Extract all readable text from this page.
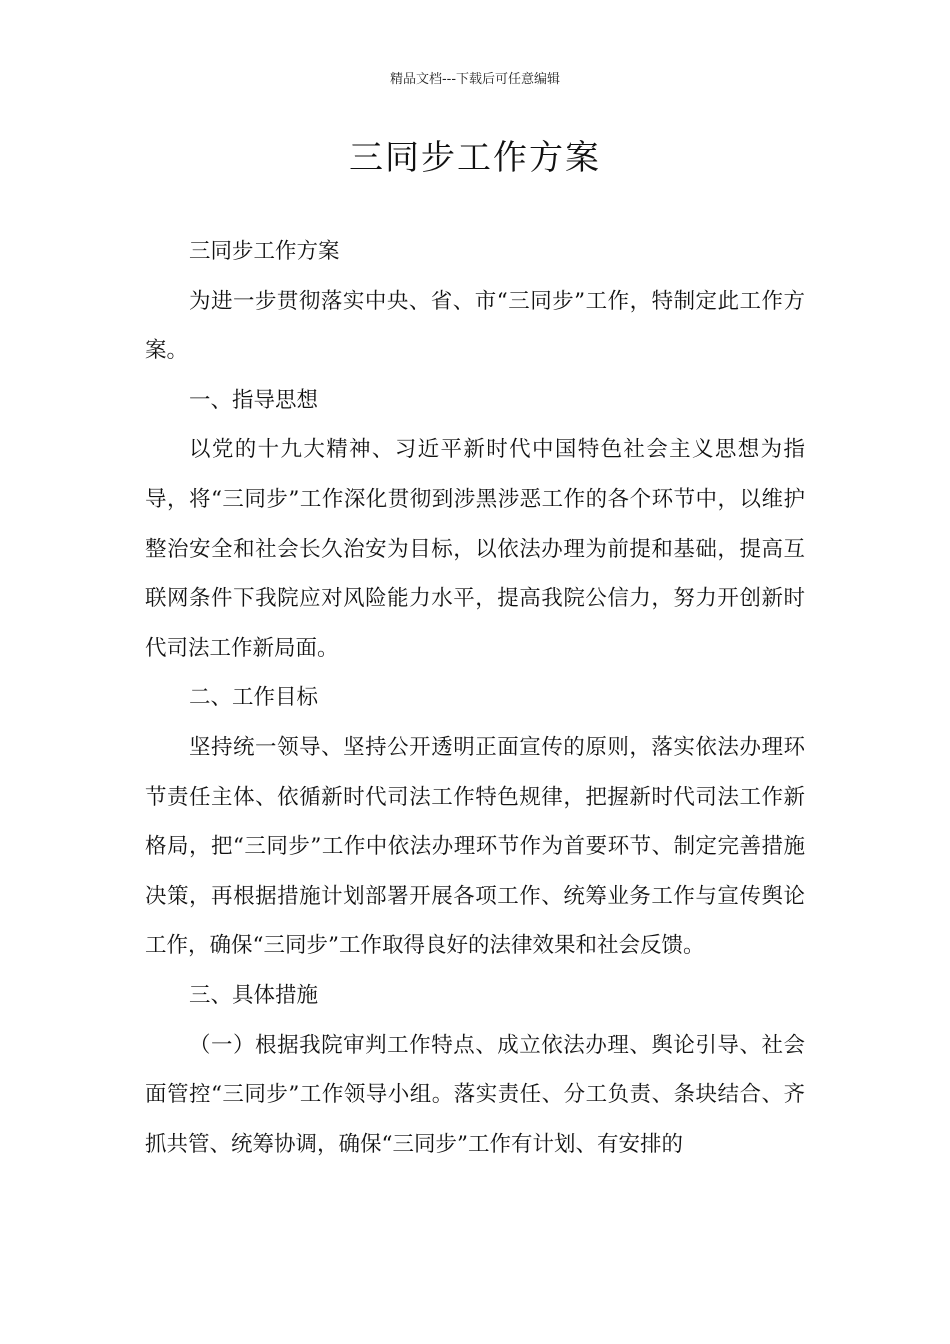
精品文档---下载后可任意编辑
三同步工作方案

三同步工作方案

为进一步贯彻落实中央、省、市“三同步”工作，特制定此工作方案。

一、指导思想

以党的十九大精神、习近平新时代中国特色社会主义思想为指导，将“三同步”工作深化贯彻到涉黑涉恶工作的各个环节中，以维护整治安全和社会长久治安为目标，以依法办理为前提和基础，提高互联网条件下我院应对风险能力水平，提高我院公信力，努力开创新时代司法工作新局面。

二、工作目标

坚持统一领导、坚持公开透明正面宣传的原则，落实依法办理环节责任主体、依循新时代司法工作特色规律，把握新时代司法工作新格局，把“三同步”工作中依法办理环节作为首要环节、制定完善措施决策，再根据措施计划部署开展各项工作、统筹业务工作与宣传舆论工作，确保“三同步”工作取得良好的法律效果和社会反馈。

三、具体措施

（一）根据我院审判工作特点、成立依法办理、舆论引导、社会面管控“三同步”工作领导小组。落实责任、分工负责、条块结合、齐抓共管、统筹协调，确保“三同步”工作有计划、有安排的
